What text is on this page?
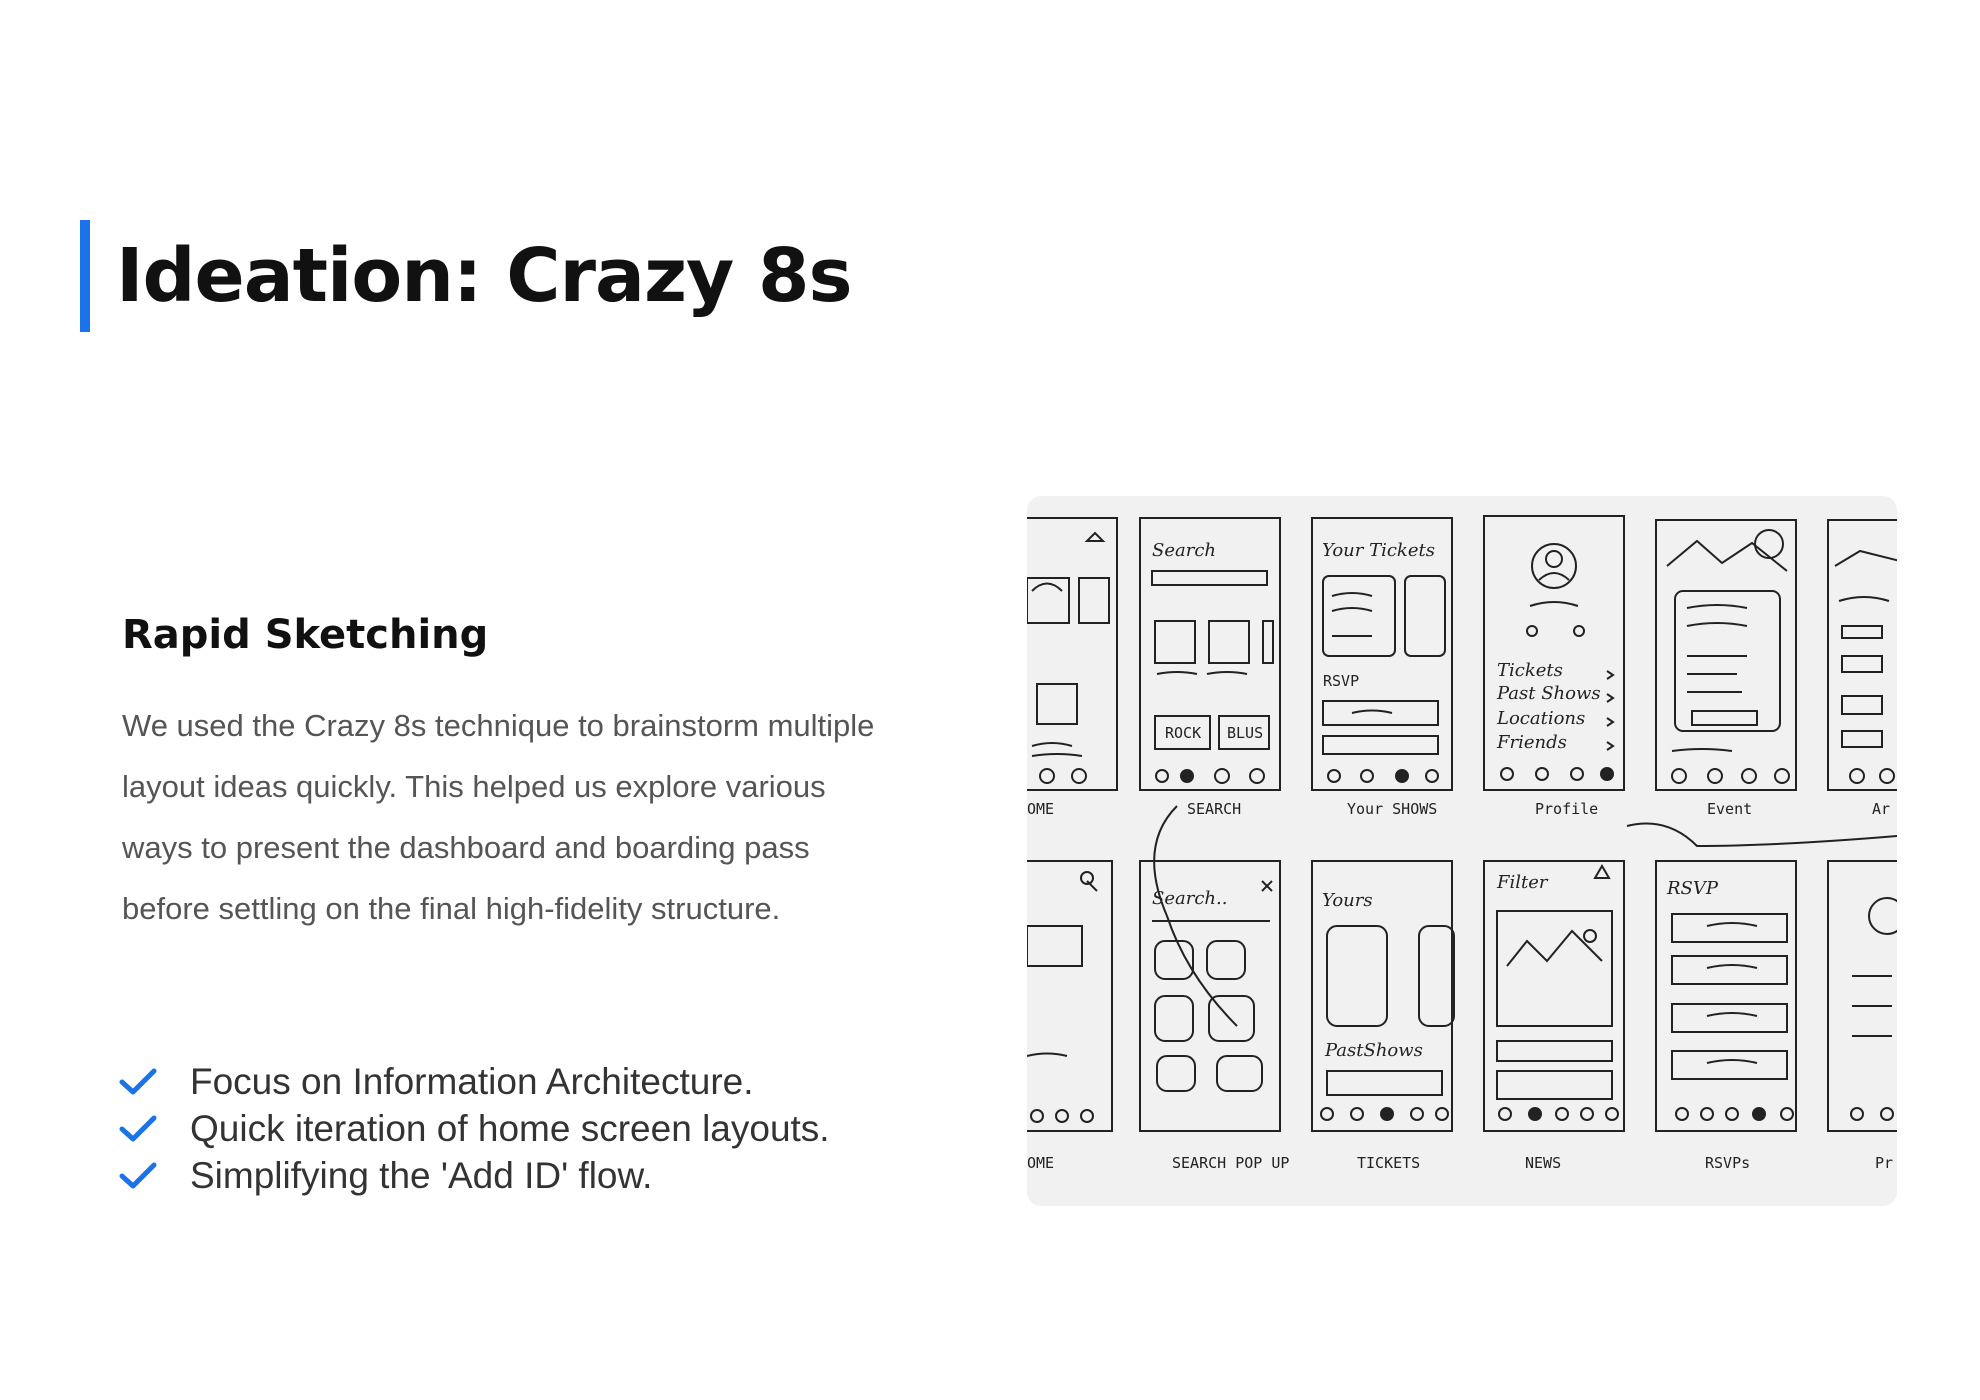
Ideation: Crazy 8s
Rapid Sketching
We used the Crazy 8s technique to brainstorm multiple
layout ideas quickly. This helped us explore various
ways to present the dashboard and boarding pass
before settling on the final high-fidelity structure.
Focus on Information Architecture.
Quick iteration of home screen layouts.
Simplifying the 'Add ID' flow.
Search
ROCK BLUS
Your Tickets
RSVP	Tickets
Past Shows
Locations
Friends
Search..	Yours
PastShows
Filter	RSVP
OME	SEARCH	Your SHOWS	Profile	Event	Ar
OME	SEARCH POP UP	TICKETS	NEWS	RSVPs	Pr
